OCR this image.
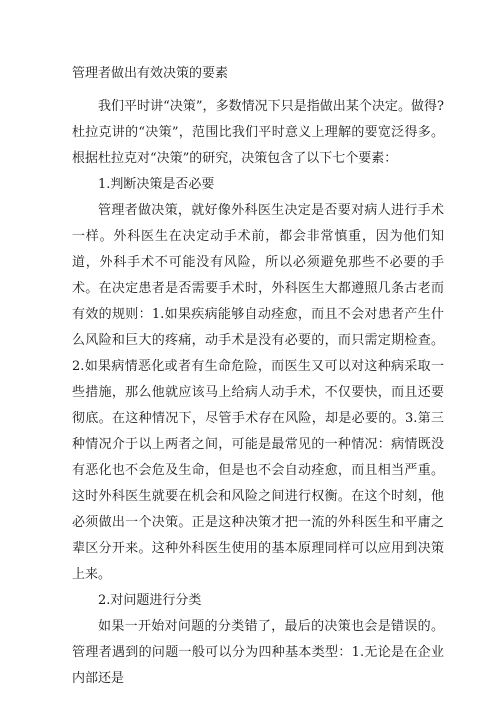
管理者做出有效决策的要素

我们平时讲“决策”，多数情况下只是指做出某个决定。做得?杜拉克讲的“决策”，范围比我们平时意义上理解的要宽泛得多。根据杜拉克对“决策”的研究，决策包含了以下七个要素：

1.判断决策是否必要

管理者做决策，就好像外科医生决定是否要对病人进行手术一样。外科医生在决定动手术前，都会非常慎重，因为他们知道，外科手术不可能没有风险，所以必须避免那些不必要的手术。在决定患者是否需要手术时，外科医生大都遵照几条古老而有效的规则：1.如果疾病能够自动痊愈，而且不会对患者产生什么风险和巨大的疼痛，动手术是没有必要的，而只需定期检查。2.如果病情恶化或者有生命危险，而医生又可以对这种病采取一些措施，那么他就应该马上给病人动手术，不仅要快，而且还要彻底。在这种情况下，尽管手术存在风险，却是必要的。3.第三种情况介于以上两者之间，可能是最常见的一种情况：病情既没有恶化也不会危及生命，但是也不会自动痊愈，而且相当严重。这时外科医生就要在机会和风险之间进行权衡。在这个时刻，他必须做出一个决策。正是这种决策才把一流的外科医生和平庸之辈区分开来。这种外科医生使用的基本原理同样可以应用到决策上来。

2.对问题进行分类

如果一开始对问题的分类错了，最后的决策也会是错误的。管理者遇到的问题一般可以分为四种基本类型：1.无论是在企业内部还是
